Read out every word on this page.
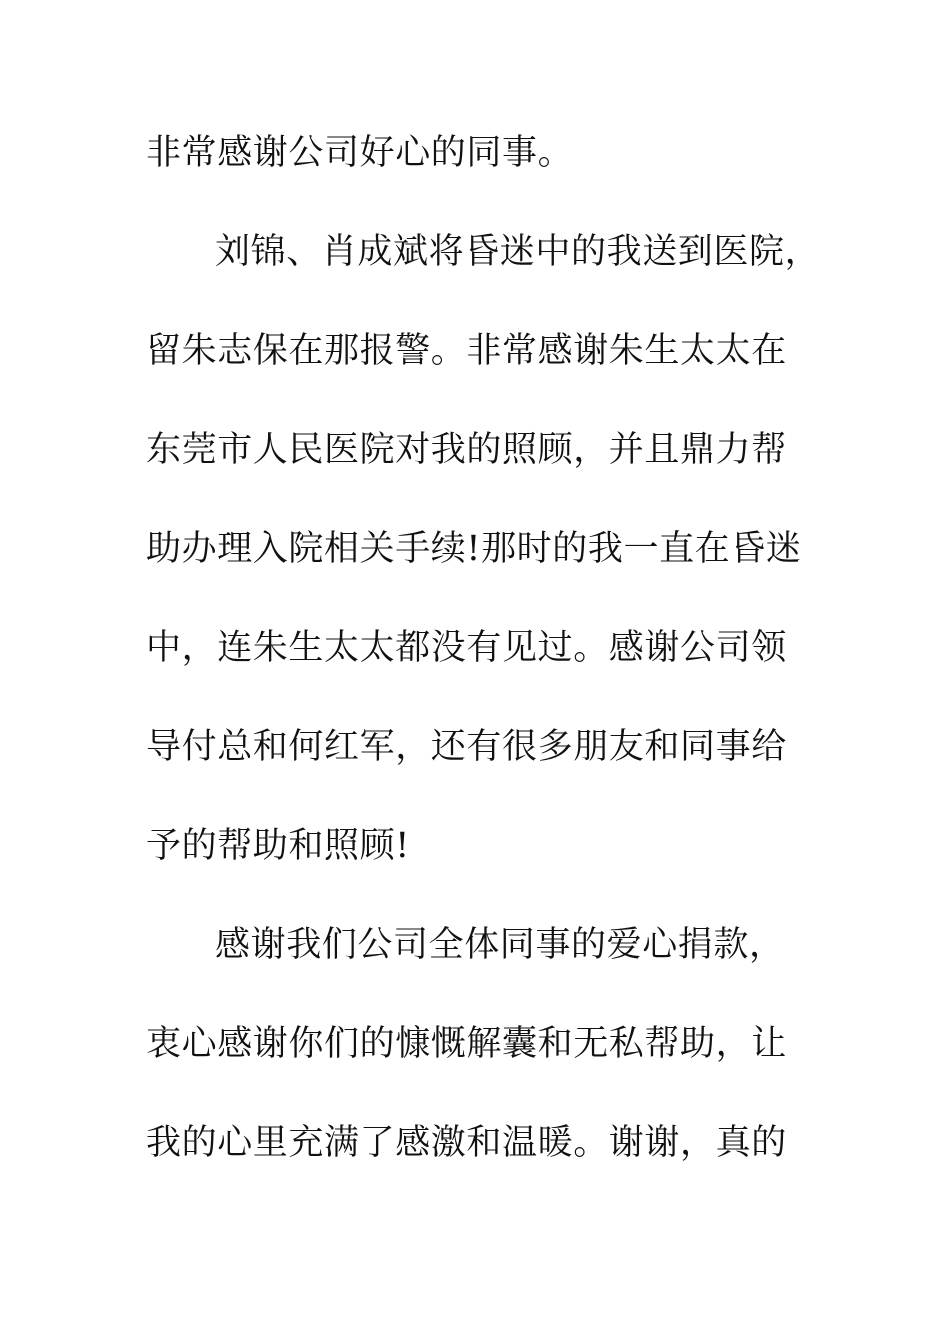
非常感谢公司好心的同事。
刘锦、肖成斌将昏迷中的我送到医院，
留朱志保在那报警。非常感谢朱生太太在
东莞市人民医院对我的照顾，并且鼎力帮
助办理入院相关手续!那时的我一直在昏迷
中，连朱生太太都没有见过。感谢公司领
导付总和何红军，还有很多朋友和同事给
予的帮助和照顾!
感谢我们公司全体同事的爱心捐款，
衷心感谢你们的慷慨解囊和无私帮助，让
我的心里充满了感激和温暖。谢谢，真的
